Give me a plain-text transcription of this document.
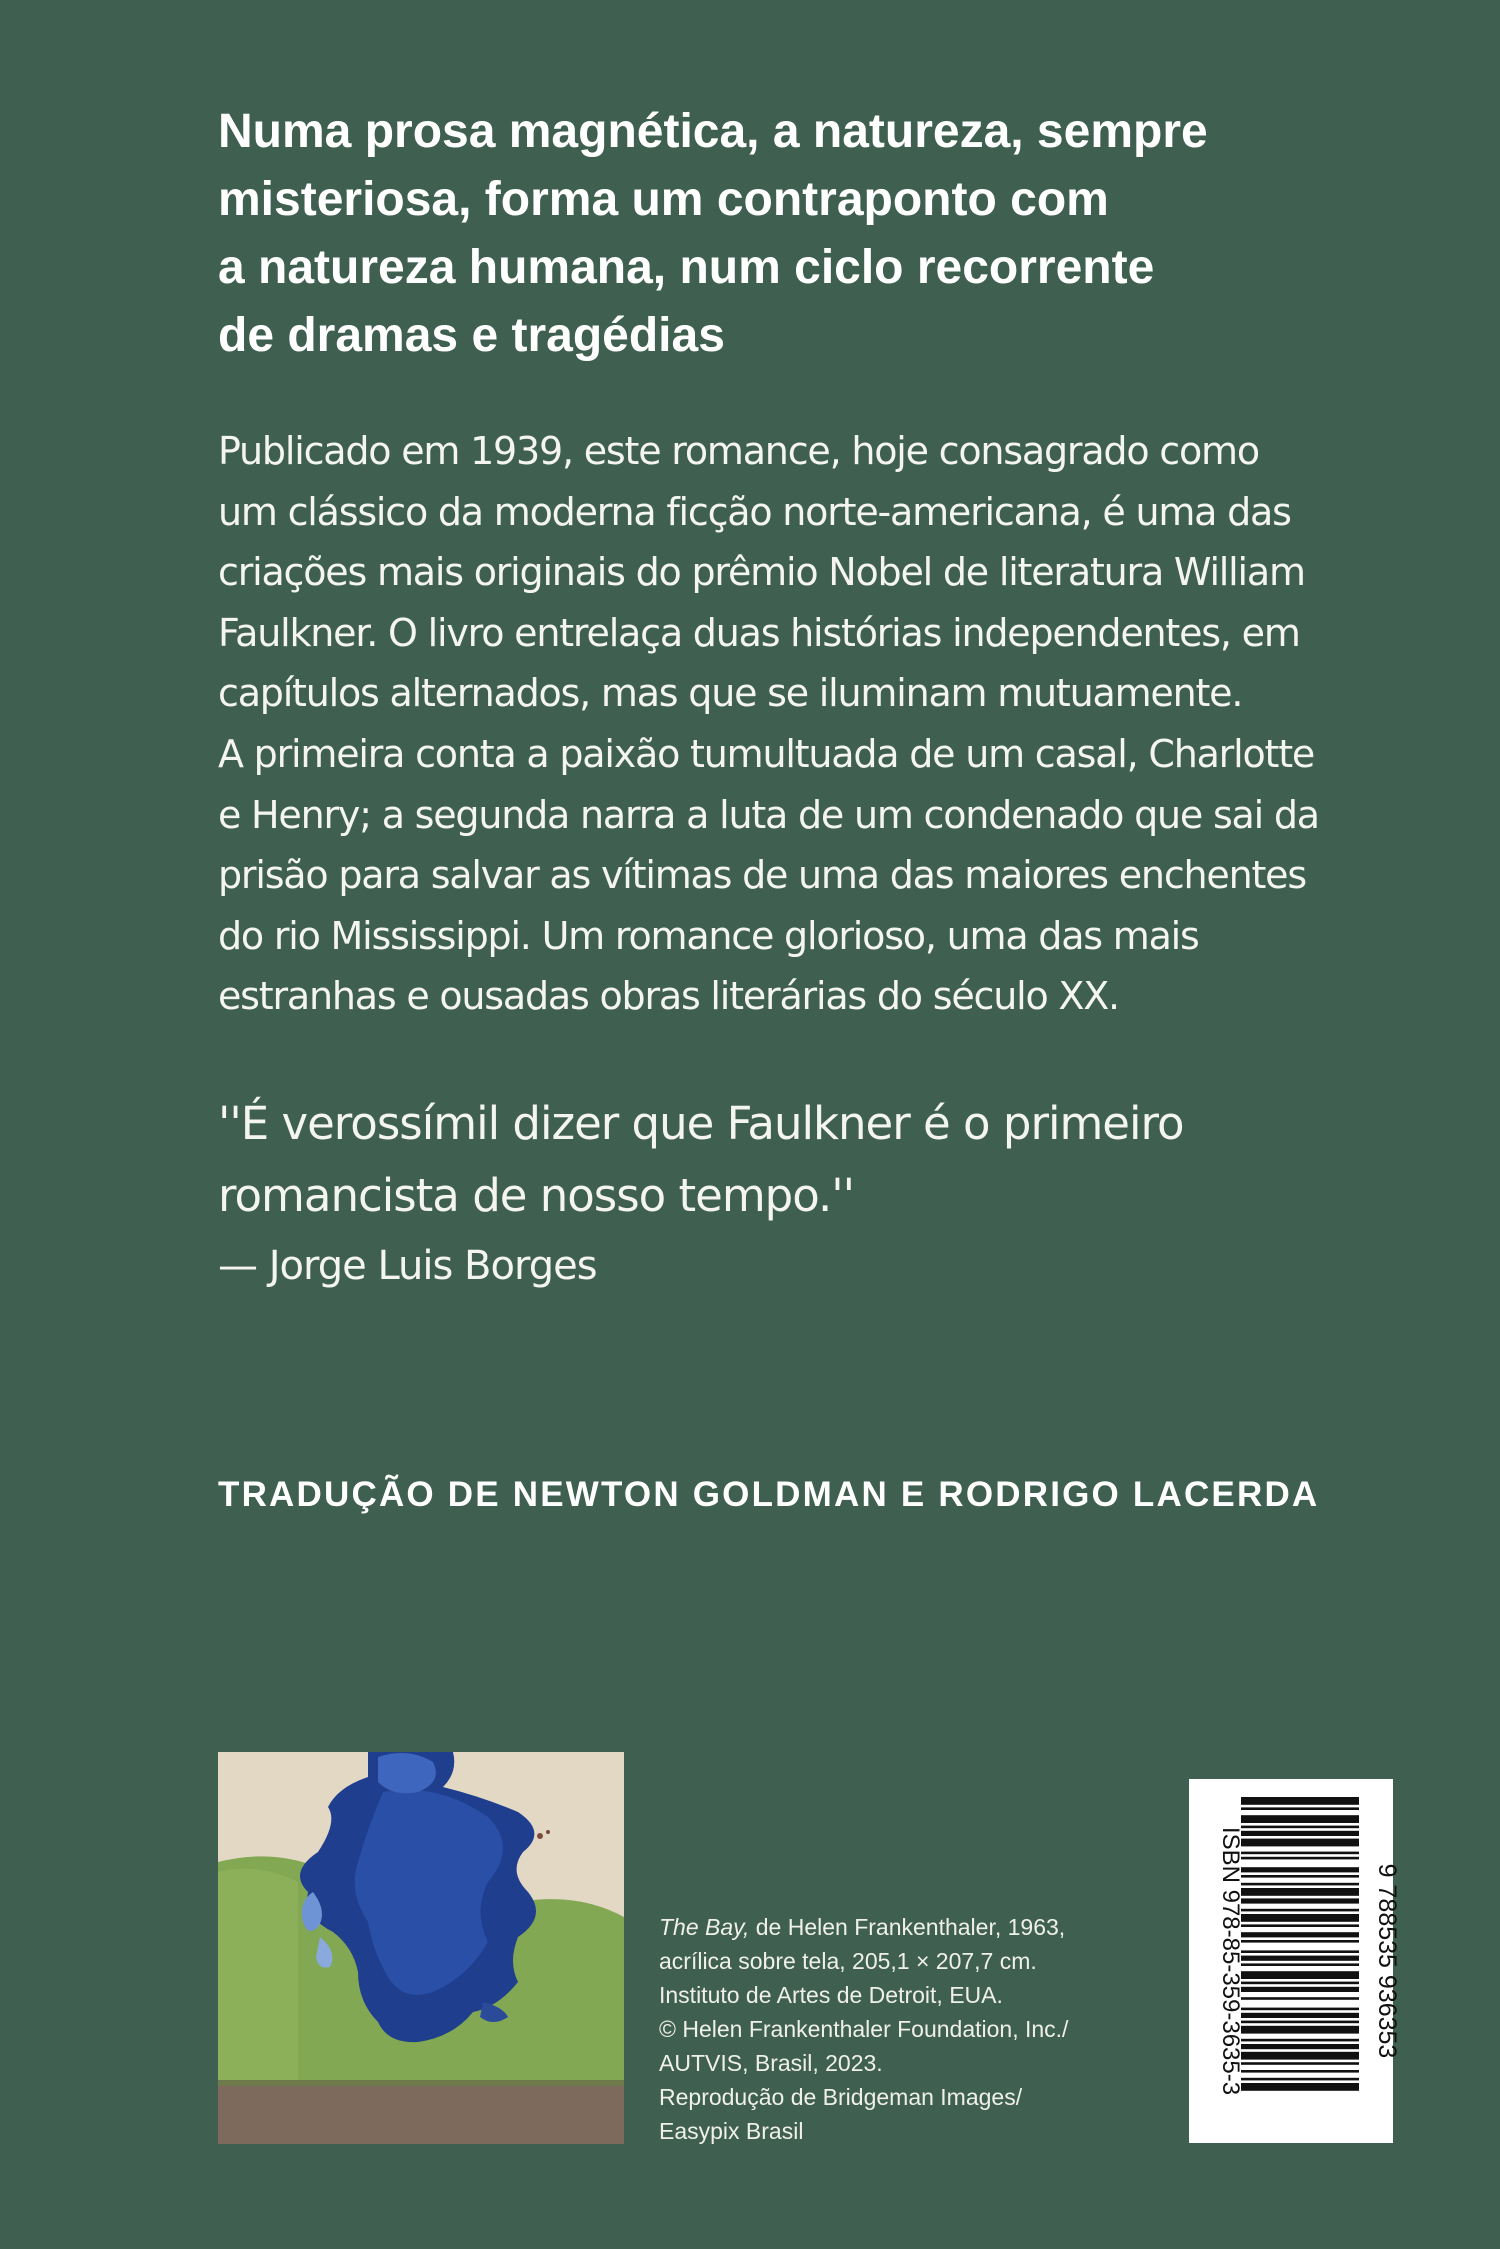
Numa prosa magnética, a natureza, sempre
misteriosa, forma um contraponto com
a natureza humana, num ciclo recorrente
de dramas e tragédias
Publicado em 1939, este romance, hoje consagrado como
um clássico da moderna ficção norte-americana, é uma das
criações mais originais do prêmio Nobel de literatura William
Faulkner. O livro entrelaça duas histórias independentes, em
capítulos alternados, mas que se iluminam mutuamente.
A primeira conta a paixão tumultuada de um casal, Charlotte
e Henry; a segunda narra a luta de um condenado que sai da
prisão para salvar as vítimas de uma das maiores enchentes
do rio Mississippi. Um romance glorioso, uma das mais
estranhas e ousadas obras literárias do século XX.
''É verossímil dizer que Faulkner é o primeiro
romancista de nosso tempo.''
— Jorge Luis Borges
TRADUÇÃO DE NEWTON GOLDMAN E RODRIGO LACERDA
The Bay, de Helen Frankenthaler, 1963,
acrílica sobre tela, 205,1 × 207,7 cm.
Instituto de Artes de Detroit, EUA.
© Helen Frankenthaler Foundation, Inc./
AUTVIS, Brasil, 2023.
Reprodução de Bridgeman Images/
Easypix Brasil
ISBN 978-85-359-3635-3	9 788535 936353
